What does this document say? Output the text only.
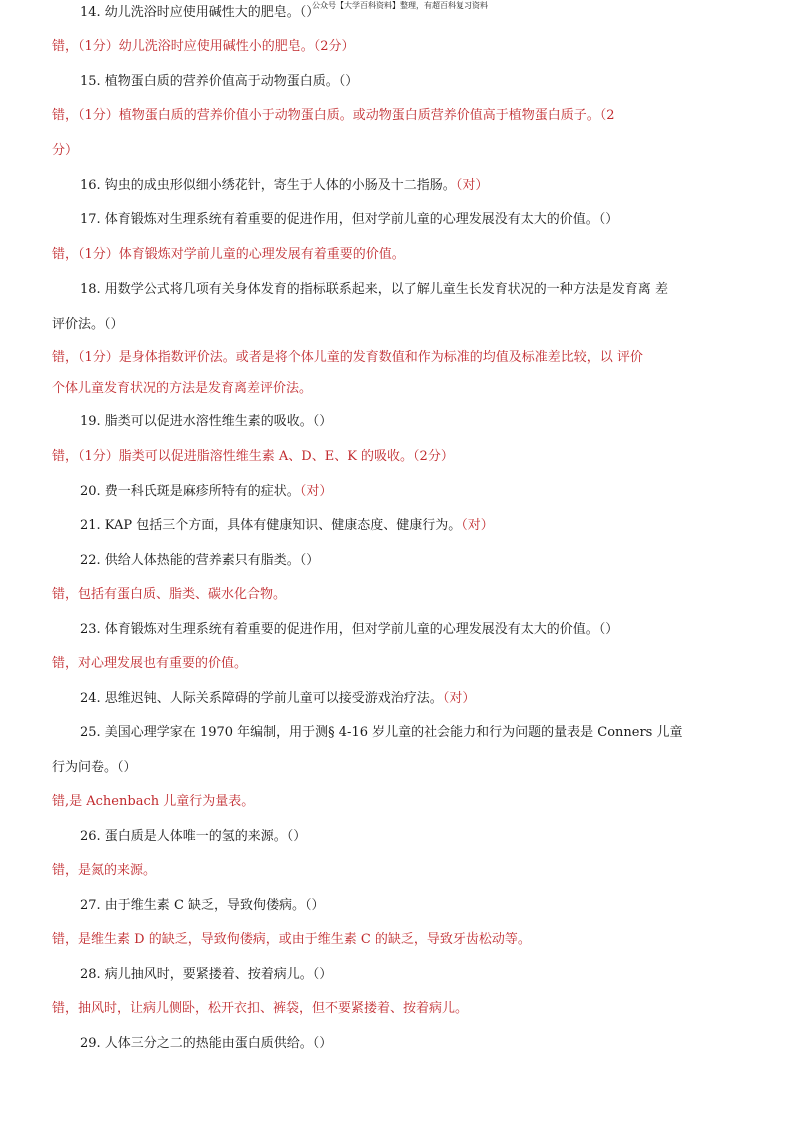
公众号【大学百科资料】整理，有超百科复习资料
14. 幼儿洗浴时应使用碱性大的肥皂。（）
错，（1分）幼儿洗浴时应使用碱性小的肥皂。（2分）
15. 植物蛋白质的营养价值高于动物蛋白质。（）
错，（1分）植物蛋白质的营养价值小于动物蛋白质。或动物蛋白质营养价值高于植物蛋白质子。（2
分）
16. 钩虫的成虫形似细小绣花针，寄生于人体的小肠及十二指肠。（对）
17. 体育锻炼对生理系统有着重要的促进作用，但对学前儿童的心理发展没有太大的价值。（）
错，（1分）体育锻炼对学前儿童的心理发展有着重要的价值。
18. 用数学公式将几项有关身体发育的指标联系起来，以了解儿童生长发育状况的一种方法是发育离 差
评价法。（）
错，（1分）是身体指数评价法。或者是将个体儿童的发育数值和作为标准的均值及标准差比较，以 评价
个体儿童发育状况的方法是发育离差评价法。
19. 脂类可以促进水溶性维生素的吸收。（）
错，（1分）脂类可以促进脂溶性维生素 A、D、E、K 的吸收。（2分）
20. 费一科氏斑是麻疹所特有的症状。（对）
21. KAP 包括三个方面，具体有健康知识、健康态度、健康行为。（对）
22. 供给人体热能的营养素只有脂类。（）
错，包括有蛋白质、脂类、碳水化合物。
23. 体育锻炼对生理系统有着重要的促进作用，但对学前儿童的心理发展没有太大的价值。（）
错，对心理发展也有重要的价值。
24. 思维迟钝、人际关系障碍的学前儿童可以接受游戏治疗法。（对）
25. 美国心理学家在 1970 年编制，用于测§ 4-16 岁儿童的社会能力和行为问题的量表是 Conners 儿童
行为问卷。（）
错,是 Achenbach 儿童行为量表。
26. 蛋白质是人体唯一的氢的来源。（）
错，是氮的来源。
27. 由于维生素 C 缺乏，导致佝偻病。（）
错，是维生素 D 的缺乏，导致佝偻病，或由于维生素 C 的缺乏，导致牙齿松动等。
28. 病儿抽风时，要紧搂着、按着病儿。（）
错，抽风时，让病儿侧卧，松开衣扣、裤袋，但不要紧搂着、按着病儿。
29. 人体三分之二的热能由蛋白质供给。（）
